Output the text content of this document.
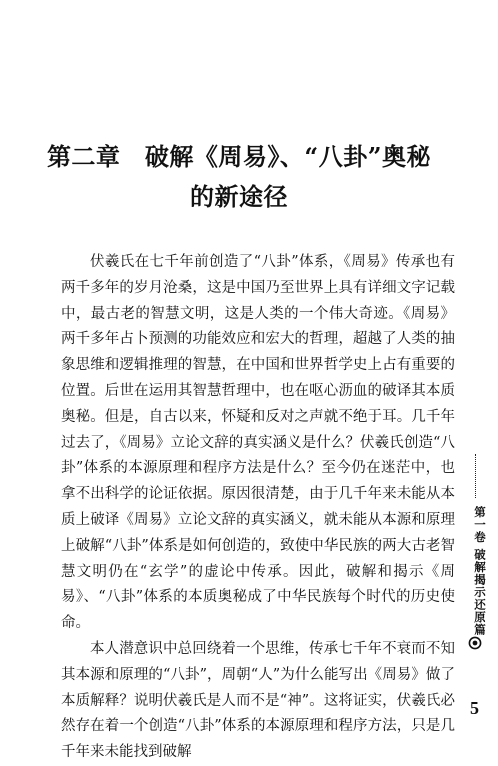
第二章　破解《周易》、“八卦”奥秘
的新途径

伏羲氏在七千年前创造了“八卦”体系，《周易》传承也有两千多年的岁月沧桑，这是中国乃至世界上具有详细文字记载中，最古老的智慧文明，这是人类的一个伟大奇迹。《周易》两千多年占卜预测的功能效应和宏大的哲理，超越了人类的抽象思维和逻辑推理的智慧，在中国和世界哲学史上占有重要的位置。后世在运用其智慧哲理中，也在呕心沥血的破译其本质奥秘。但是，自古以来，怀疑和反对之声就不绝于耳。几千年过去了，《周易》立论文辞的真实涵义是什么？伏羲氏创造“八卦”体系的本源原理和程序方法是什么？至今仍在迷茫中，也拿不出科学的论证依据。原因很清楚，由于几千年来未能从本质上破译《周易》立论文辞的真实涵义，就未能从本源和原理上破解“八卦”体系是如何创造的，致使中华民族的两大古老智慧文明仍在“玄学”的虚论中传承。因此，破解和揭示《周易》、“八卦”体系的本质奥秘成了中华民族每个时代的历史使命。

本人潜意识中总回绕着一个思维，传承七千年不衰而不知其本源和原理的“八卦”，周朝“人”为什么能写出《周易》做了本质解释？说明伏羲氏是人而不是“神”。这将证实，伏羲氏必然存在着一个创造“八卦”体系的本源原理和程序方法，只是几千年来未能找到破解

第一卷 破解揭示还原篇
5
